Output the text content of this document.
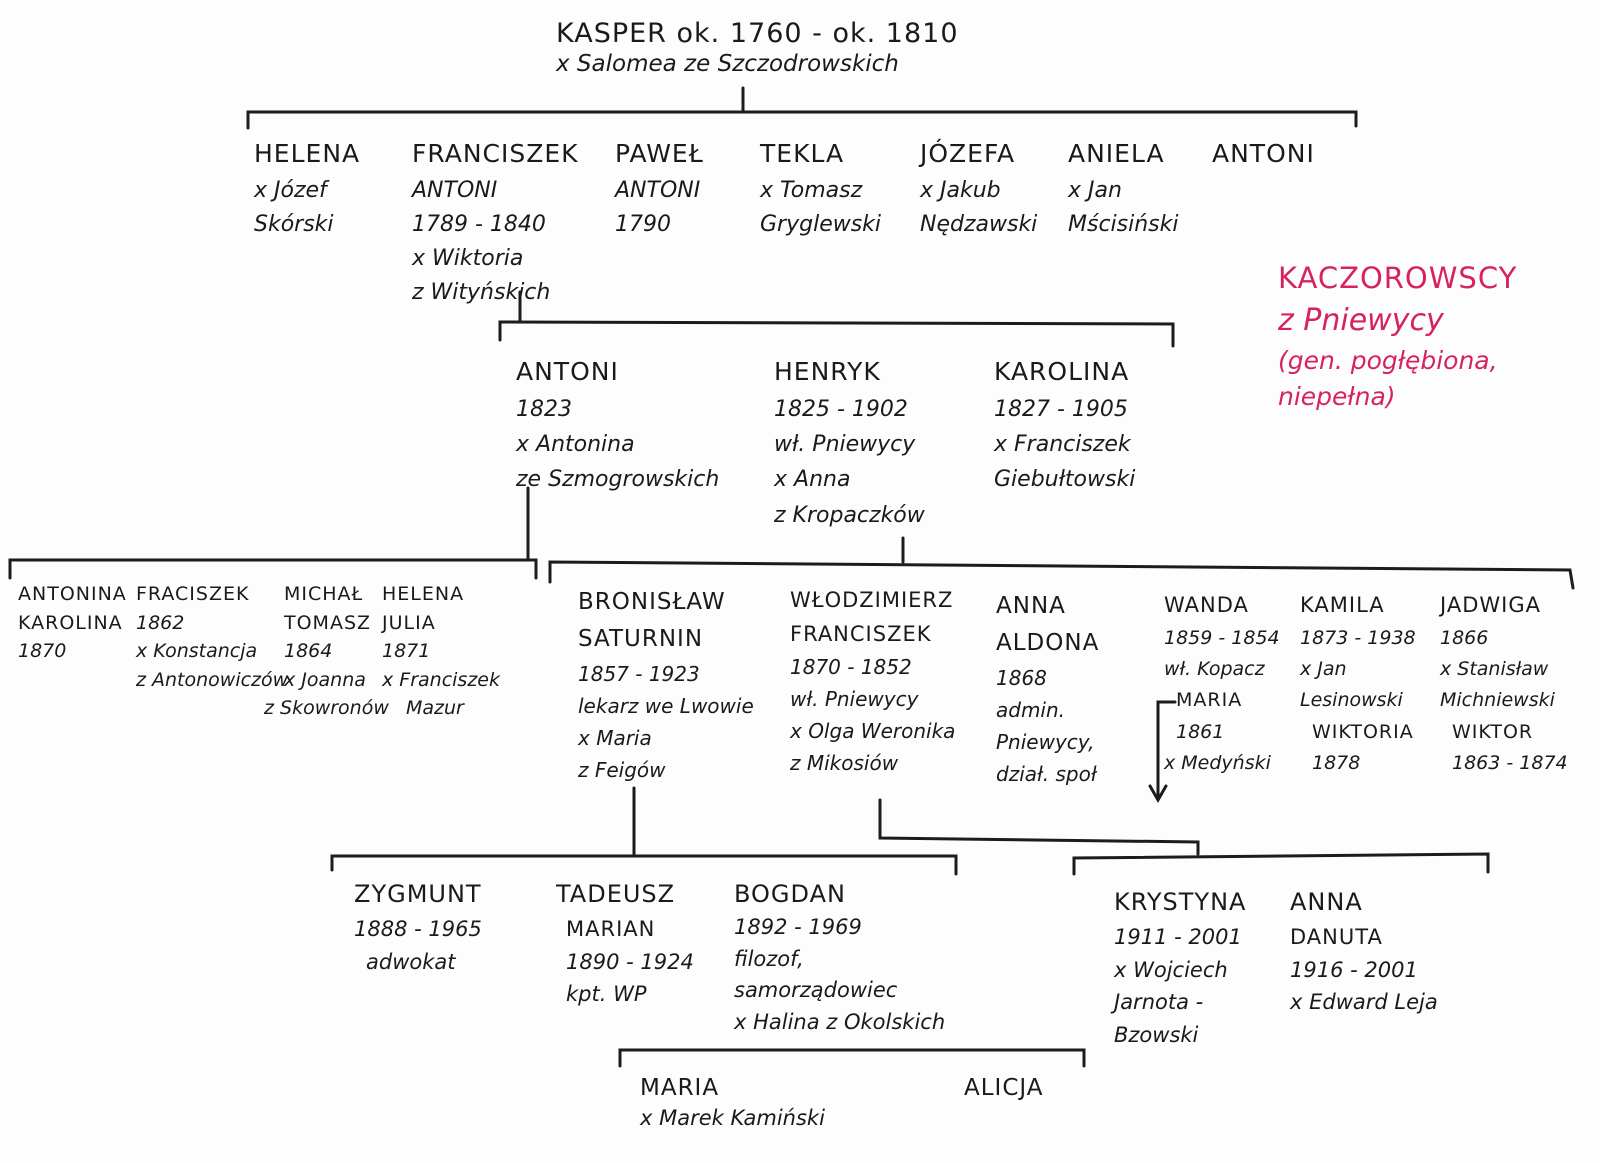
KASPER ok. 1760 - ok. 1810
x Salomea ze Szczodrowskich
KACZOROWSCY
z Pniewycy
(gen. pogłębiona,
niepełna)
HELENA
x Józef
Skórski
FRANCISZEK
ANTONI
1789 - 1840
x Wiktoria
z Wityńskich
PAWEŁ
ANTONI
1790
TEKLA
x Tomasz
Gryglewski
JÓZEFA
x Jakub
Nędzawski
ANIELA
x Jan
Mścisiński
ANTONI
ANTONI
1823
x Antonina
ze Szmogrowskich
HENRYK
1825 - 1902
wł. Pniewycy
x Anna
z Kropaczków
KAROLINA
1827 - 1905
x Franciszek
Giebułtowski
ANTONINA
KAROLINA
1870
FRACISZEK
1862
x Konstancja
z Antonowiczów
MICHAŁ
TOMASZ
1864
x Joanna
z Skowronów
HELENA
JULIA
1871
x Franciszek
Mazur
BRONISŁAW
SATURNIN
1857 - 1923
lekarz we Lwowie
x Maria
z Feigów
WŁODZIMIERZ
FRANCISZEK
1870 - 1852
wł. Pniewycy
x Olga Weronika
z Mikosiów
ANNA
ALDONA
1868
admin.
Pniewycy,
dział. społ
WANDA
1859 - 1854
wł. Kopacz
MARIA
1861
x Medyński
KAMILA
1873 - 1938
x Jan
Lesinowski
WIKTORIA
1878
JADWIGA
1866
x Stanisław
Michniewski
WIKTOR
1863 - 1874
ZYGMUNT
1888 - 1965
adwokat
TADEUSZ
MARIAN
1890 - 1924
kpt. WP
BOGDAN
1892 - 1969
filozof,
samorządowiec
x Halina z Okolskich
KRYSTYNA
1911 - 2001
x Wojciech
Jarnota -
Bzowski
ANNA
DANUTA
1916 - 2001
x Edward Leja
MARIA
x Marek Kamiński
ALICJA
